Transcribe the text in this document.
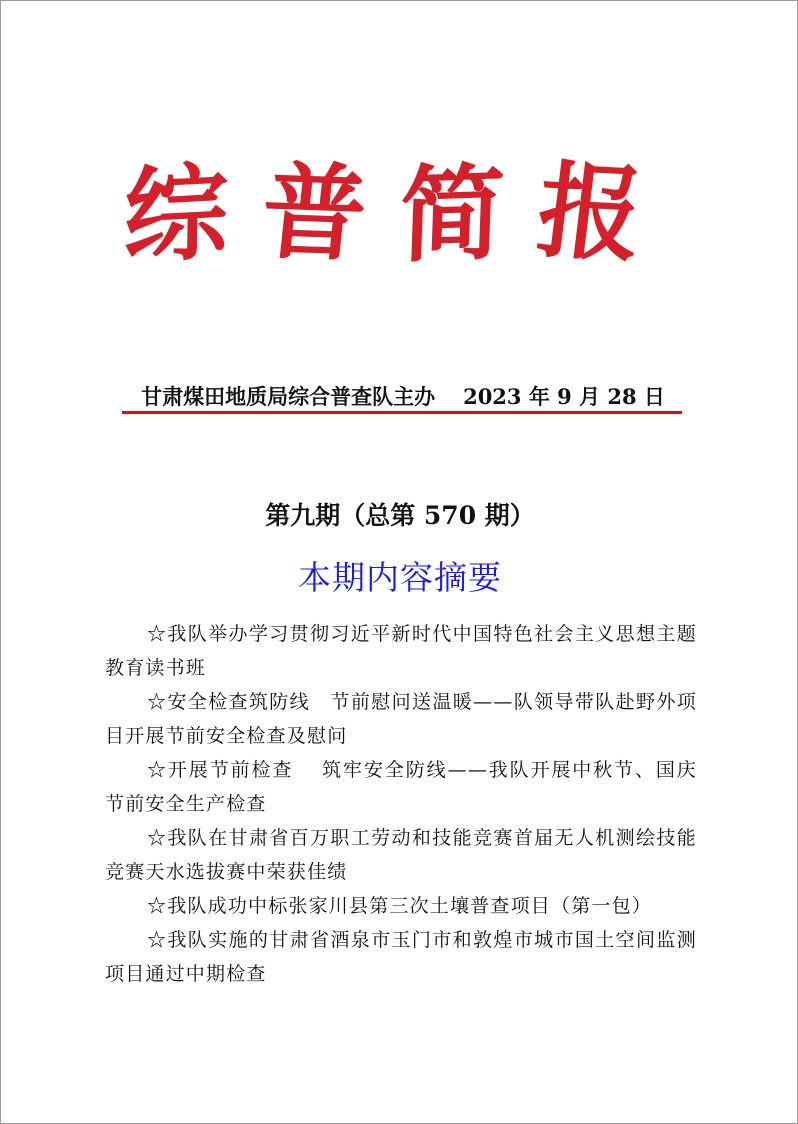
综普简报
甘肃煤田地质局综合普查队主办 2023 年 9 月 28 日
第九期（总第 570 期）
本期内容摘要
☆我队举办学习贯彻习近平新时代中国特色社会主义思想主题教育读书班
☆安全检查筑防线　节前慰问送温暖——队领导带队赴野外项目开展节前安全检查及慰问
☆开展节前检查　 筑牢安全防线——我队开展中秋节、国庆节前安全生产检查
☆我队在甘肃省百万职工劳动和技能竞赛首届无人机测绘技能竞赛天水选拔赛中荣获佳绩
☆我队成功中标张家川县第三次土壤普查项目（第一包）
☆我队实施的甘肃省酒泉市玉门市和敦煌市城市国土空间监测项目通过中期检查
